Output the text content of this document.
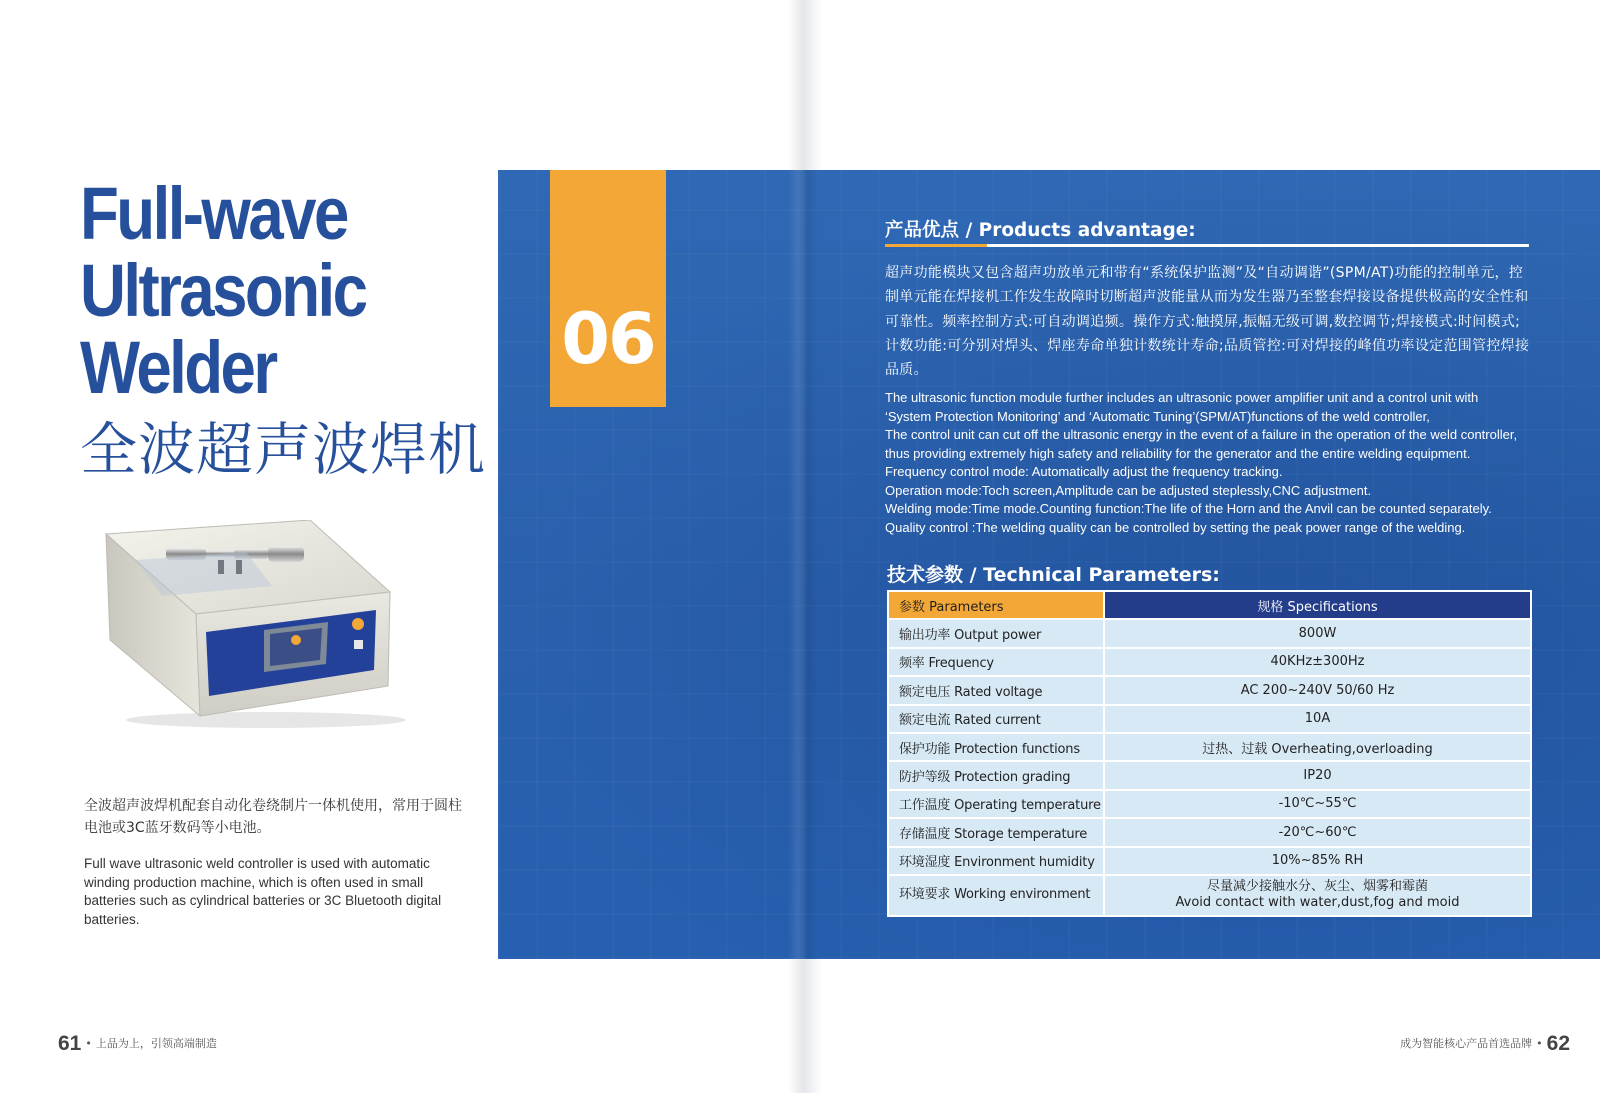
06
Full-wave
Ultrasonic
Welder
全波超声波焊机
全波超声波焊机配套自动化卷绕制片一体机使用，常用于圆柱电池或3C蓝牙数码等小电池。
Full wave ultrasonic weld controller is used with automatic winding production machine, which is often used in small batteries such as cylindrical batteries or 3C Bluetooth digital batteries.
61 • 上品为上，引领高端制造
产品优点 / Products advantage:
超声功能模块又包含超声功放单元和带有“系统保护监测”及“自动调谐”(SPM/AT)功能的控制单元，控制单元能在焊接机工作发生故障时切断超声波能量从而为发生器乃至整套焊接设备提供极高的安全性和可靠性。频率控制方式:可自动调追频。操作方式:触摸屏,振幅无级可调,数控调节;焊接模式:时间模式;计数功能:可分别对焊头、焊座寿命单独计数统计寿命;品质管控:可对焊接的峰值功率设定范围管控焊接品质。
The ultrasonic function module further includes an ultrasonic power amplifier unit and a control unit with
‘System Protection Monitoring’ and ‘Automatic Tuning’(SPM/AT)functions of the weld controller,
The control unit can cut off the ultrasonic energy in the event of a failure in the operation of the weld controller,
thus providing extremely high safety and reliability for the generator and the entire welding equipment.
Frequency control mode: Automatically adjust the frequency tracking.
Operation mode:Toch screen,Amplitude can be adjusted steplessly,CNC adjustment.
Welding mode:Time mode.Counting function:The life of the Horn and the Anvil can be counted separately.
Quality control :The welding quality can be controlled by setting the peak power range of the welding.
技术参数 / Technical Parameters:
参数 Parameters	规格 Specifications
输出功率 Output power	800W
频率 Frequency	40KHz±300Hz
额定电压 Rated voltage	AC 200~240V 50/60 Hz
额定电流 Rated current	10A
保护功能 Protection functions	过热、过载 Overheating,overloading
防护等级 Protection grading	IP20
工作温度 Operating temperature	-10℃~55℃
存储温度 Storage temperature	-20℃~60℃
环境湿度 Environment humidity	10%~85% RH
环境要求 Working environment	尽量减少接触水分、灰尘、烟雾和霉菌
Avoid contact with water,dust,fog and moid
成为智能核心产品首选品牌 • 62
